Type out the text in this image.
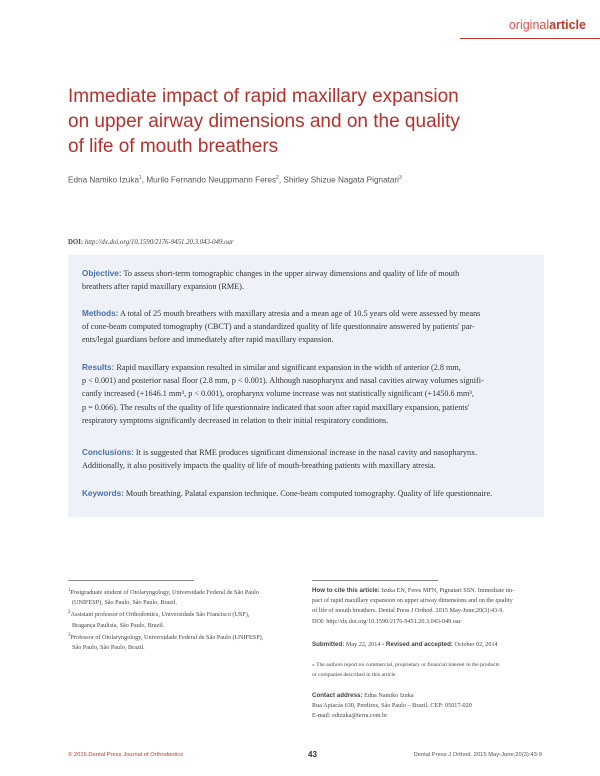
originalarticle
Immediate impact of rapid maxillary expansion
on upper airway dimensions and on the quality
of life of mouth breathers
Edna Namiko Izuka$^1$, Murilo Fernando Neuppmann Feres$^2$, Shirley Shizue Nagata Pignatari$^3$
DOI: http://dx.doi.org/10.1590/2176-9451.20.3.043-049.oar
Objective: To assess short-term tomographic changes in the upper airway dimensions and quality of life of mouth
breathers after rapid maxillary expansion (RME).
Methods: A total of 25 mouth breathers with maxillary atresia and a mean age of 10.5 years old were assessed by means
of cone-beam computed tomography (CBCT) and a standardized quality of life questionnaire answered by patients' par-
ents/legal guardians before and immediately after rapid maxillary expansion.
Results: Rapid maxillary expansion resulted in similar and significant expansion in the width of anterior (2.8 mm,
p < 0.001) and posterior nasal floor (2.8 mm, p < 0.001). Although nasopharynx and nasal cavities airway volumes signifi-
cantly increased (+1646.1 mm³, p < 0.001), oropharynx volume increase was not statistically significant (+1450.6 mm³,
p = 0.066). The results of the quality of life questionnaire indicated that soon after rapid maxillary expansion, patients'
respiratory symptoms significantly decreased in relation to their initial respiratory conditions.
Conclusions: It is suggested that RME produces significant dimensional increase in the nasal cavity and nasopharynx.
Additionally, it also positively impacts the quality of life of mouth-breathing patients with maxillary atresia.
Keywords: Mouth breathing. Palatal expansion technique. Cone-beam computed tomography. Quality of life questionnaire.
$^1$Postgraduate student of Otolaryngology, Universidade Federal de São Paulo
(UNIFESP), São Paulo, São Paulo, Brazil.
$^2$Assistant professor of Orthodontics, Universidade São Francisco (USF),
Bragança Paulista, São Paulo, Brazil.
$^3$Professor of Otolaryngology, Universidade Federal de São Paulo (UNIFESP),
São Paulo, São Paulo, Brazil.
How to cite this article: Izuka EN, Feres MFN, Pignatari SSN. Immediate im-
pact of rapid maxillary expansion on upper airway dimensions and on the quality
of life of mouth breathers. Dental Press J Orthod. 2015 May-June;20(3):43-9.
DOI: http://dx.doi.org/10.1590/2176-9451.20.3.043-049.oar
Submitted: May 22, 2014 - Revised and accepted: October 02, 2014
» The authors report no commercial, proprietary or financial interest in the products
or companies described in this article.
Contact address: Edna Namiko Izuka
Rua Apiacás 630, Perdizes, São Paulo – Brazil. CEP: 05017-020
E-mail: edizuka@terra.com.br
© 2015 Dental Press Journal of Orthodontics	43	Dental Press J Orthod. 2015 May-June;20(3):43-9
